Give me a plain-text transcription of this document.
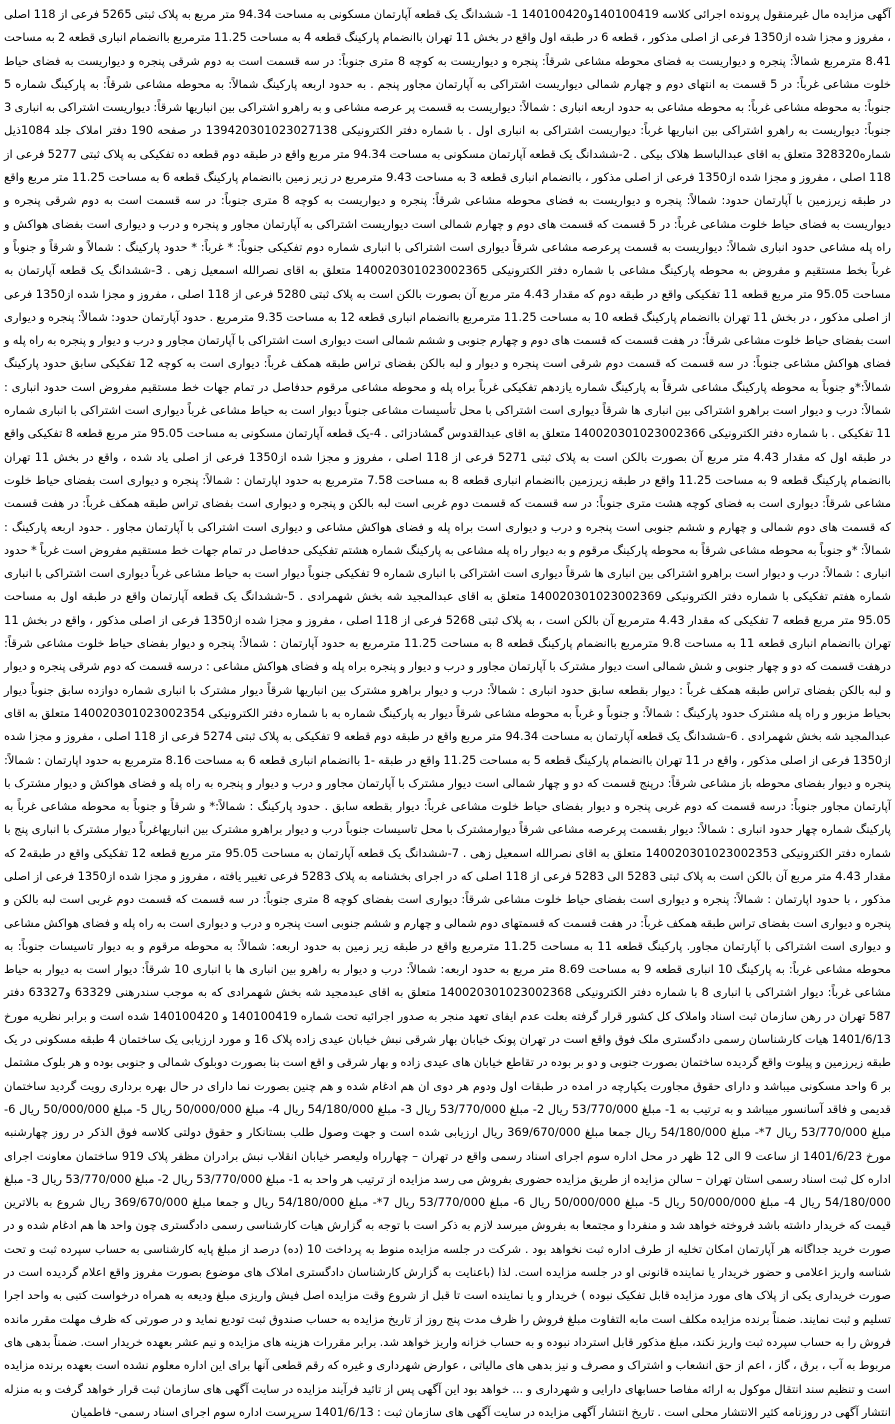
آگهی مزایده مال غیرمنقول پرونده اجرائی کلاسه 140100419و140100420 1- ششدانگ یک قطعه آپارتمان مسکونی به مساحت 94.34 متر مربع به پلاک ثبتی 5265 فرعی از 118 اصلی ، مفروز و مجزا شده از1350 فرعی از اصلی مذکور ، قطعه 6 در طبقه اول واقع در بخش 11 تهران باانضمام پارکینگ قطعه 4 به مساحت 11.25 مترمربع باانضمام انباری قطعه 2 به مساحت 8.41 مترمربع شمالاً: پنجره و دیواریست به فضای محوطه مشاعی شرقاً: پنجره و دیواریست به کوچه 8 متری جنوباً: در سه قسمت است به دوم شرقی پنجره و دیواریست به فضای حیاط خلوت مشاعی غرباً: در 5 قسمت به انتهای دوم و چهارم شمالی دیواریست اشتراکی به آپارتمان مجاور پنجم . به حدود اربعه پارکینگ شمالاً: به محوطه مشاعی شرقاً: به پارکینگ شماره 5 جنوباً: به محوطه مشاعی غرباً: به محوطه مشاعی به حدود اربعه انباری : شمالاً: دیواریست به قسمت پر عرصه مشاعی و به راهرو اشتراکی بین انباریها شرقاً: دیواریست اشتراکی به انباری 3 جنوباً: دیواریست به راهرو اشتراکی بین انباریها غرباً: دیواریست اشتراکی به انباری اول . با شماره دفتر الکترونیکی 139420301023027138 در صفحه 190 دفتر املاک جلد 1084ذیل شماره328320 متعلق به اقای عبدالباسط هلاک بیکی . 2-ششدانگ یک قطعه آپارتمان مسکونی به مساحت 94.34 متر مربع واقع در طبقه دوم قطعه ده تفکیکی به پلاک ثبتی 5277 فرعی از 118 اصلی ، مفروز و مجزا شده از1350 فرعی از اصلی مذکور ، باانضمام انباری قطعه 3 به مساحت 9.43 مترمربع در زیر زمین باانضمام پارکینگ قطعه 6 به مساحت 11.25 متر مربع واقع در طبقه زیرزمین با آپارتمان حدود: شمالاً: پنجره و دیواریست به فضای محوطه مشاعی شرقاً: پنجره و دیواریست به کوچه 8 متری جنوباً: در سه قسمت است به دوم شرقی پنجره و دیواریست به فضای حیاط خلوت مشاعی غرباً: در 5 قسمت که قسمت های دوم و چهارم شمالی است دیواریست اشتراکی به آپارتمان مجاور و پنجره و درب و دیواری است بفضای هواکش و راه پله مشاعی حدود انباری شمالاً: دیواریست به قسمت پرعرصه مشاعی شرقاً دیواری است اشتراکی با انباری شماره دوم تفکیکی جنوباً: * غرباً: * حدود پارکینگ : شمالاً و شرقاً و جنوباً و غرباً بخط مستقیم و مفروض به محوطه پارکینگ مشاعی با شماره دفتر الکترونیکی 140020301023002365 متعلق به اقای نصرالله اسمعیل زهی . 3-ششدانگ یک قطعه آپارتمان به مساحت 95.05 متر مربع قطعه 11 تفکیکی واقع در طبقه دوم که مقدار 4.43 متر مربع آن بصورت بالکن است به پلاک ثبتی 5280 فرعی از 118 اصلی ، مفروز و مجزا شده از1350 فرعی از اصلی مذکور ، در بخش 11 تهران باانضمام پارکینگ قطعه 10 به مساحت 11.25 مترمربع باانضمام انباری قطعه 12 به مساحت 9.35 مترمربع . حدود آپارتمان حدود: شمالاً: پنجره و دیواری است بفضای حیاط خلوت مشاعی شرقاً: در هفت قسمت که قسمت های دوم و چهارم جنوبی و ششم شمالی است دیواری است اشتراکی با آپارتمان مجاور و درب و دیوار و پنجره به راه پله و فضای هواکش مشاعی جنوباً: در سه قسمت که قسمت دوم شرقی است پنجره و دیوار و لبه بالکن بفضای تراس طبقه همکف غرباً: دیواری است به کوچه 12 تفکیکی سابق حدود پارکینگ شمالاً:*و جنوباً به محوطه پارکینگ مشاعی شرقاً به پارکینگ شماره یازدهم تفکیکی غرباً براه پله و محوطه مشاعی مرقوم حدفاصل در تمام جهات خط مستقیم مفروض است حدود انباری : شمالاً: درب و دیوار است براهرو اشتراکی بین انباری ها شرقاً دیواری است اشتراکی با محل تأسیسات مشاعی جنوباً دیوار است به حیاط مشاعی غرباً دیواری است اشتراکی با انباری شماره 11 تفکیکی . با شماره دفتر الکترونیکی 140020301023002366 متعلق به اقای عبدالقدوس گمشادزائی . 4-یک قطعه آپارتمان مسکونی به مساحت 95.05 متر مربع قطعه 8 تفکیکی واقع در طبقه اول که مقدار 4.43 متر مربع آن بصورت بالکن است به پلاک ثبتی 5271 فرعی از 118 اصلی ، مفروز و مجزا شده از1350 فرعی از اصلی یاد شده ، واقع در بخش 11 تهران باانضمام پارکینگ قطعه 9 به مساحت 11.25 واقع در طبقه زیرزمین باانضمام انباری قطعه 8 به مساحت 7.58 مترمربع به حدود اپارتمان : شمالاً: پنجره و دیواری است بفضای حیاط خلوت مشاعی شرقاً: دیواری است به فضای کوچه هشت متری جنوباً: در سه قسمت که قسمت دوم غربی است لبه بالکن و پنجره و دیواری است بفضای تراس طبقه همکف غرباً: در هفت قسمت که قسمت های دوم شمالی و چهارم و ششم جنوبی است پنجره و درب و دیواری است براه پله و فضای هواکش مشاعی و دیواری است اشتراکی با آپارتمان مجاور . حدود اربعه پارکینگ : شمالاً: *و جنوباً به محوطه مشاعی شرقاً به محوطه پارکینگ مرقوم و به دیوار راه پله مشاعی به پارکینگ شماره هشتم تفکیکی حدفاصل در تمام جهات خط مستقیم مفروض است غرباً * حدود انباری : شمالاً: درب و دیوار است براهرو اشتراکی بین انباری ها شرقاً دیواری است اشتراکی با انباری شماره 9 تفکیکی جنوباً دیوار است به حیاط مشاعی غرباً دیواری است اشتراکی با انباری شماره هفتم تفکیکی با شماره دفتر الکترونیکی 140020301023002369 متعلق به اقای عبدالمجید شه بخش شهمرادی . 5-ششدانگ یک قطعه آپارتمان واقع در طبقه اول به مساحت 95.05 متر مربع قطعه 7 تفکیکی که مقدار 4.43 مترمربع آن بالکن است ، به پلاک ثبتی 5268 فرعی از 118 اصلی ، مفروز و مجزا شده از1350 فرعی از اصلی مذکور ، واقع در بخش 11 تهران باانضمام انباری قطعه 11 به مساحت 9.8 مترمربع باانضمام پارکینگ قطعه 8 به مساحت 11.25 مترمربع به حدود آپارتمان : شمالاً: پنجره و دیوار بفضای حیاط خلوت مشاعی شرقاً: درهفت قسمت که دو و چهار جنوبی و شش شمالی است دیوار مشترک با آپارتمان مجاور و درب و دیوار و پنجره براه پله و فضای هواکش مشاعی : درسه قسمت که دوم شرقی پنجره و دیوار و لبه بالکن بفضای تراس طبقه همکف غرباً : دیوار بقطعه سابق حدود انباری : شمالاً: درب و دیوار براهرو مشترک بین انباریها شرقاً دیوار مشترک با انباری شماره دوازده سابق جنوباً دیوار بحیاط مزبور و راه پله مشترک حدود پارکینگ : شمالاً: و جنوباً و غرباً به محوطه مشاعی شرقاً دیوار به پارکینگ شماره به با شماره دفتر الکترونیکی 140020301023002354 متعلق به اقای عبدالمجید شه بخش شهمرادی . 6-ششدانگ یک قطعه آپارتمان به مساحت 94.34 متر مربع واقع در طبقه دوم قطعه 9 تفکیکی به پلاک ثبتی 5274 فرعی از 118 اصلی ، مفروز و مجزا شده از1350 فرعی از اصلی مذکور ، واقع در 11 تهران باانضمام پارکینگ قطعه 5 به مساحت 11.25 واقع در طبقه -1 باانضمام انباری قطعه 6 به مساحت 8.16 مترمربع به حدود اپارتمان : شمالاً: پنجره و دیوار بفضای محوطه باز مشاعی شرقاً: درپنج قسمت که دو و چهار شمالی است دیوار مشترک با آپارتمان مجاور و درب و دیوار و پنجره به راه پله و فضای هواکش و دیوار مشترک با آپارتمان مجاور جنوباً: درسه قسمت که دوم غربی پنجره و دیوار بفضای حیاط خلوت مشاعی غرباً: دیوار بقطعه سابق . حدود پارکینگ : شمالاً:* و شرقاً و جنوباً به محوطه مشاعی غرباً به پارکینگ شماره چهار حدود انباری : شمالاً: دیوار بقسمت پرعرصه مشاعی شرقاً دیوارمشترک با محل تاسیسات جنوباً درب و دیوار براهرو مشترک بین انباریهاغرباً دیوار مشترک با انباری پنج با شماره دفتر الکترونیکی 140020301023002353 متعلق به اقای نصرالله اسمعیل زهی . 7-ششدانگ یک قطعه آپارتمان به مساحت 95.05 متر مربع قطعه 12 تفکیکی واقع در طبقه2 که مقدار 4.43 متر مربع آن بالکن است به پلاک ثبتی 5283 الی 5283 فرعی از 118 اصلی که در اجرای بخشنامه به پلاک 5283 فرعی تغییر یافته ، مفروز و مجزا شده از1350 فرعی از اصلی مذکور ، با حدود اپارتمان : شمالاً: پنجره و دیواری است بفضای حیاط خلوت مشاعی شرقاً: دیواری است بفضای کوچه 8 متری جنوباً: در سه قسمت که قسمت دوم غربی است لبه بالکن و پنجره و دیواری است بفضای تراس طبقه همکف غرباً: در هفت قسمت که قسمتهای دوم شمالی و چهارم و ششم جنوبی است پنجره و درب و دیواری است به راه پله و فضای هواکش مشاعی و دیواری است اشتراکی با آپارتمان مجاور. پارکینگ قطعه 11 به مساحت 11.25 مترمربع واقع در طبقه زیر زمین به حدود اربعه: شمالاً: به محوطه مرقوم و به دیوار تاسیسات جنوباً: به محوطه مشاعی غرباً: به پارکینگ 10 انباری قطعه 9 به مساحت 8.69 متر مربع به حدود اربعه: شمالاً: درب و دیوار به راهرو بین انباری ها با انباری 10 شرقاً: دیوار است به دیوار به حیاط مشاعی غرباً: دیوار اشتراکی با انباری 8 با شماره دفتر الکترونیکی 140020301023002368 متعلق به اقای عبدمجید شه بخش شهمرادی که به موجب سندرهنی 63329 و63327 دفتر 587 تهران در رهن سازمان ثبت اسناد واملاک کل کشور قرار گرفته بعلت عدم ایفای تعهد منجر به صدور اجرائیه تحت شماره 140100419 و 140100420 شده است و برابر نظریه مورخ 1401/6/13 هیات کارشناسان رسمی دادگستری ملک فوق واقع است در تهران پونک خیابان بهار شرقی نبش خیابان عیدی زاده پلاک 16 و مورد ارزیابی یک ساختمان 4 طبقه مسکونی در یک طبقه زیرزمین و پیلوت واقع گردیده ساختمان بصورت جنوبی و دو بر بوده در تقاطع خیابان های عیدی زاده و بهار شرقی و اقع است بنا بصورت دوبلوک شمالی و جنوبی بوده و هر بلوک مشتمل بر 6 واحد مسکونی میباشد و دارای حقوق مجاورت یکپارچه در امده در طبقات اول ودوم هر دوی ان هم ادغام شده و هم چنین بصورت نما دارای در حال بهره برداری رویت گردید ساختمان قدیمی و فاقد آسانسور میباشد و به ترتیب به 1- مبلغ 53/770/000 ریال 2- مبلغ 53/770/000 ریال 3- مبلغ 54/180/000 ریال 4- مبلغ 50/000/000 ریال 5- مبلغ 50/000/000 ریال 6- مبلغ 53/770/000 ریال 7*- مبلغ 54/180/000 ریال جمعا مبلغ 369/670/000 ریال ارزیابی شده است و جهت وصول طلب بستانکار و حقوق دولتی کلاسه فوق الذکر در روز چهارشنبه مورخ 1401/6/23 از ساعت 9 الی 12 ظهر در محل اداره سوم اجرای اسناد رسمی واقع در تهران – چهارراه ولیعصر خیابان انقلاب نبش برادران مظفر پلاک 919 ساختمان معاونت اجرای اداره کل ثبت اسناد رسمی استان تهران – سالن مزایده از طریق مزایده حضوری بفروش می رسد مزایده از ترتیب هر واحد به 1- مبلغ 53/770/000 ریال 2- مبلغ 53/770/000 ریال 3- مبلغ 54/180/000 ریال 4- مبلغ 50/000/000 ریال 5- مبلغ 50/000/000 ریال 6- مبلغ 53/770/000 ریال 7*- مبلغ 54/180/000 ریال و جمعا مبلغ 369/670/000 ریال شروع به بالاترین قیمت که خریدار داشته باشد فروخته خواهد شد و منفردا و مجتمعا به بفروش میرسد لازم به ذکر است با توجه به گزارش هیات کارشناسی رسمی دادگستری چون واحد ها هم ادغام شده و در صورت خرید جداگانه هر آپارتمان امکان تخلیه از طرف اداره ثبت نخواهد بود . شرکت در جلسه مزایده منوط به پرداخت 10 (ده) درصد از مبلغ پایه کارشناسی به حساب سپرده ثبت و تحت شناسه واریز اعلامی و حضور خریدار یا نماینده قانونی او در جلسه مزایده است. لذا (باعنایت به گزارش کارشناسان دادگستری املاک های موضوع بصورت مفروز واقع اعلام گردیده است در صورت خریداری یکی از پلاک های مورد مزایده قابل تفکیک نبوده ) خریدار و یا نماینده است تا قبل از شروع وقت مزایده اصل فیش واریزی مبلغ ودیعه به همراه درخواست کتبی به واحد اجرا تسلیم و ثبت نمایند. ضمناً برنده مزایده مکلف است مابه التفاوت مبلغ فروش را ظرف مدت پنج روز از تاریخ مزایده به حساب صندوق ثبت تودیع نماید و در صورتی که ظرف مهلت مقرر مانده فروش را به حساب سپرده ثبت واریز نکند، مبلغ مذکور قابل استرداد نبوده و به حساب خزانه واریز خواهد شد. برابر مقررات هزینه های مزایده و نیم عشر بعهده خریدار است. ضمناً بدهی های مربوط به آب ، برق ، گاز ، اعم از حق انشعاب و اشتراک و مصرف و نیز بدهی های مالیاتی ، عوارض شهرداری و غیره که رقم قطعی آنها برای این اداره معلوم نشده است بعهده برنده مزایده است و تنظیم سند انتقال موکول به ارائه مفاصا حسابهای دارایی و شهرداری و ... خواهد بود این آگهی پس از تائید فرآیند مزایده در سایت آگهی های سازمان ثبت قرار خواهد گرفت و به منزله انتشار آگهی در روزنامه کثیر الانتشار محلی است . تاریخ انتشار آگهی مزایده در سایت آگهی های سازمان ثبت : 1401/6/13 سرپرست اداره سوم اجرای اسناد رسمی- فاطمیان
